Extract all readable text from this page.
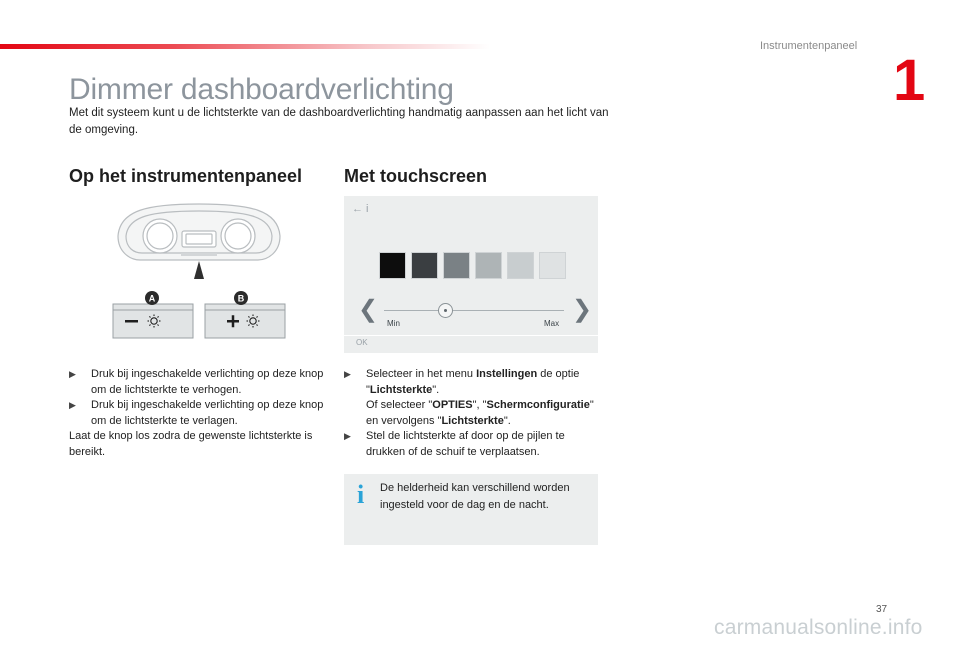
Instrumentenpaneel
1
Dimmer dashboardverlichting

Met dit systeem kunt u de lichtsterkte van de dashboardverlichting handmatig aanpassen aan het licht van de omgeving.

Op het instrumentenpaneel Met touchscreen
A	B
← і
❮	❯
Min	Max
OK
▶ Druk bij ingeschakelde verlichting op deze knop om de lichtsterkte te verhogen.
▶ Druk bij ingeschakelde verlichting op deze knop om de lichtsterkte te verlagen.
Laat de knop los zodra de gewenste lichtsterkte is bereikt.
▶ Selecteer in het menu Instellingen de optie "Lichtsterkte".
Of selecteer "OPTIES", "Schermconfiguratie" en vervolgens "Lichtsterkte".
▶ Stel de lichtsterkte af door op de pijlen te drukken of de schuif te verplaatsen.
i De helderheid kan verschillend worden ingesteld voor de dag en de nacht.
37
carmanualsonline.info
